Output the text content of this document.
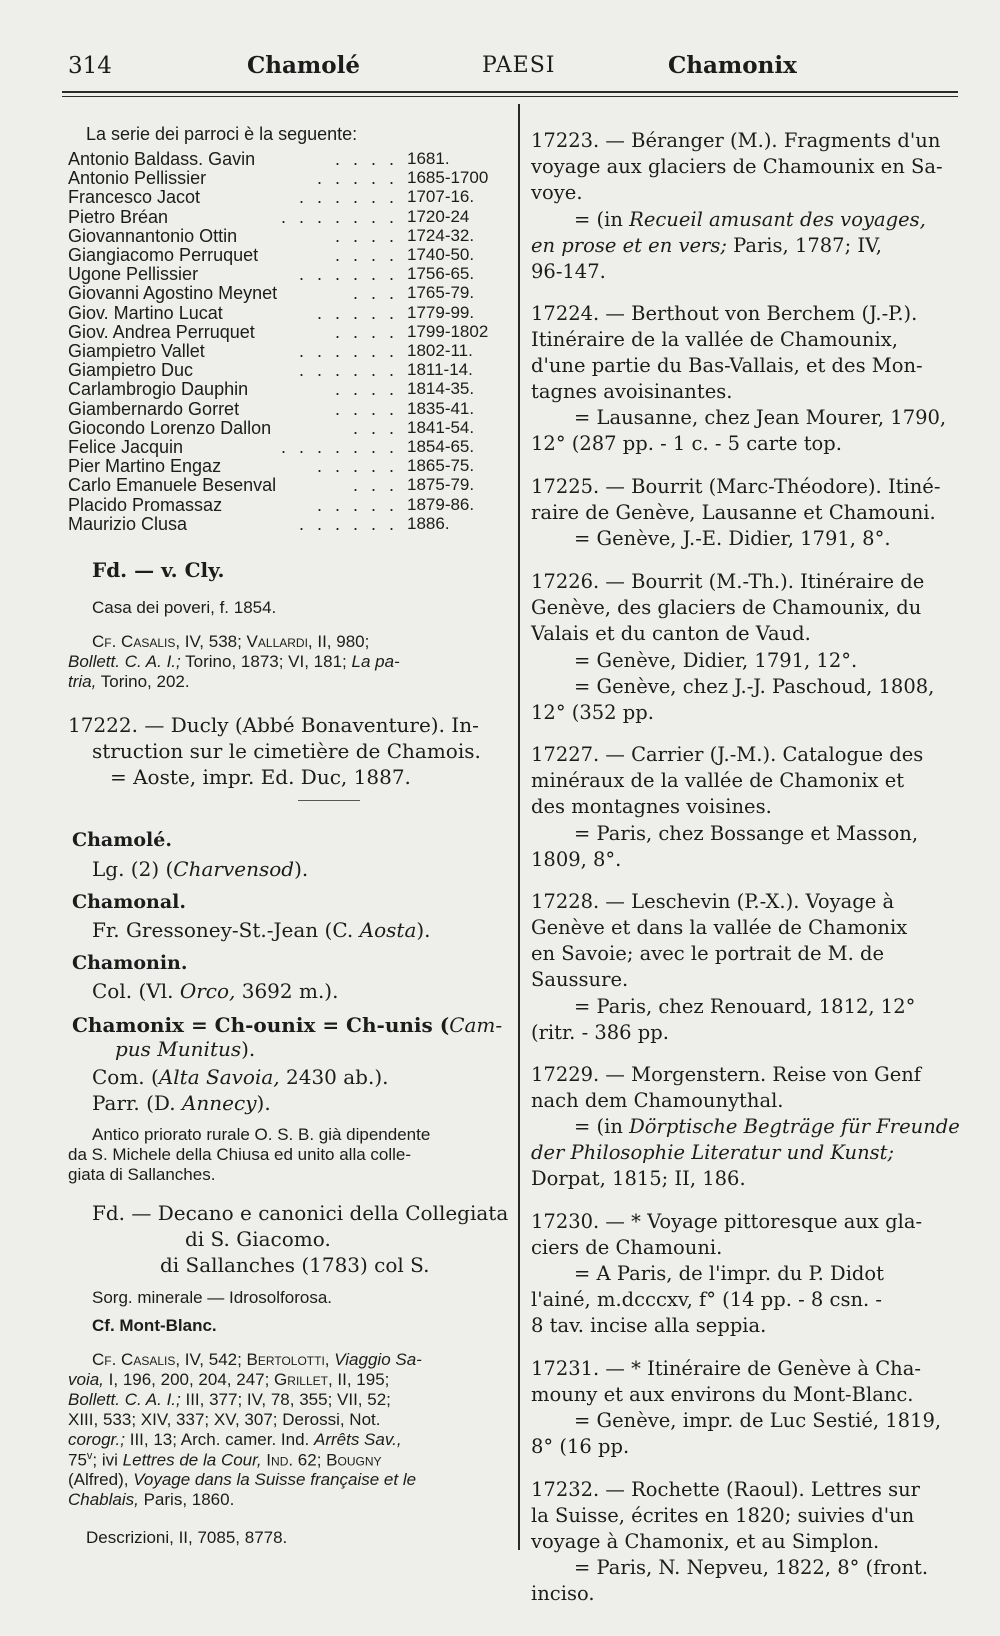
314	Chamolé	PAESI	Chamonix
La serie dei parroci è la seguente:
Antonio Baldass. Gavin	. . . . 1681.
Antonio Pellissier	. . . . . 1685-1700
Francesco Jacot	. . . . . . 1707-16.
Pietro Bréan	. . . . . . . 1720-24
Giovannantonio Ottin	. . . . 1724-32.
Giangiacomo Perruquet	. . . . 1740-50.
Ugone Pellissier	. . . . . . 1756-65.
Giovanni Agostino Meynet	. . . 1765-79.
Giov. Martino Lucat	. . . . . 1779-99.
Giov. Andrea Perruquet	. . . . 1799-1802
Giampietro Vallet	. . . . . . 1802-11.
Giampietro Duc	. . . . . . 1811-14.
Carlambrogio Dauphin	. . . . 1814-35.
Giambernardo Gorret	. . . . 1835-41.
Giocondo Lorenzo Dallon	. . . 1841-54.
Felice Jacquin	. . . . . . . 1854-65.
Pier Martino Engaz	. . . . . 1865-75.
Carlo Emanuele Besenval	. . . 1875-79.
Placido Promassaz	. . . . . 1879-86.
Maurizio Clusa	. . . . . . 1886.
Fd. — v. Cly.
Casa dei poveri, f. 1854.
Cf. Casalis, IV, 538; Vallardi, II, 980;
Bollett. C. A. I.; Torino, 1873; VI, 181; La pa-
tria, Torino, 202.
17222. — Ducly (Abbé Bonaventure). In-
struction sur le cimetière de Chamois.
= Aoste, impr. Ed. Duc, 1887.
Chamolé.
Lg. (2) (Charvensod).
Chamonal.
Fr. Gressoney-St.-Jean (C. Aosta).
Chamonin.
Col. (Vl. Orco, 3692 m.).
Chamonix = Ch-ounix = Ch-unis (Cam-
pus Munitus).
Com. (Alta Savoia, 2430 ab.).
Parr. (D. Annecy).
Antico priorato rurale O. S. B. già dipendente
da S. Michele della Chiusa ed unito alla colle-
giata di Sallanches.
Fd. — Decano e canonici della Collegiata
di S. Giacomo.
di Sallanches (1783) col S.
Sorg. minerale — Idrosolforosa.
Cf. Mont-Blanc.
Cf. Casalis, IV, 542; Bertolotti, Viaggio Sa-
voia, I, 196, 200, 204, 247; Grillet, II, 195;
Bollett. C. A. I.; III, 377; IV, 78, 355; VII, 52;
XIII, 533; XIV, 337; XV, 307; Derossi, Not.
corogr.; III, 13; Arch. camer. Ind. Arrêts Sav.,
75$^v$; ivi Lettres de la Cour, Ind. 62; Bougny
(Alfred), Voyage dans la Suisse française et le
Chablais, Paris, 1860.
Descrizioni, II, 7085, 8778.
17223. — Béranger (M.). Fragments d'un
voyage aux glaciers de Chamounix en Sa-
voye.
= (in Recueil amusant des voyages,
en prose et en vers; Paris, 1787; IV,
96-147.
17224. — Berthout von Berchem (J.-P.).
Itinéraire de la vallée de Chamounix,
d'une partie du Bas-Vallais, et des Mon-
tagnes avoisinantes.
= Lausanne, chez Jean Mourer, 1790,
12° (287 pp. - 1 c. - 5 carte top.
17225. — Bourrit (Marc-Théodore). Itiné-
raire de Genève, Lausanne et Chamouni.
= Genève, J.-E. Didier, 1791, 8°.
17226. — Bourrit (M.-Th.). Itinéraire de
Genève, des glaciers de Chamounix, du
Valais et du canton de Vaud.
= Genève, Didier, 1791, 12°.
= Genève, chez J.-J. Paschoud, 1808,
12° (352 pp.
17227. — Carrier (J.-M.). Catalogue des
minéraux de la vallée de Chamonix et
des montagnes voisines.
= Paris, chez Bossange et Masson,
1809, 8°.
17228. — Leschevin (P.-X.). Voyage à
Genève et dans la vallée de Chamonix
en Savoie; avec le portrait de M. de
Saussure.
= Paris, chez Renouard, 1812, 12°
(ritr. - 386 pp.
17229. — Morgenstern. Reise von Genf
nach dem Chamounythal.
= (in Dörptische Begträge für Freunde
der Philosophie Literatur und Kunst;
Dorpat, 1815; II, 186.
17230. — * Voyage pittoresque aux gla-
ciers de Chamouni.
= A Paris, de l'impr. du P. Didot
l'ainé, m.dcccxv, f° (14 pp. - 8 csn. -
8 tav. incise alla seppia.
17231. — * Itinéraire de Genève à Cha-
mouny et aux environs du Mont-Blanc.
= Genève, impr. de Luc Sestié, 1819,
8° (16 pp.
17232. — Rochette (Raoul). Lettres sur
la Suisse, écrites en 1820; suivies d'un
voyage à Chamonix, et au Simplon.
= Paris, N. Nepveu, 1822, 8° (front.
inciso.
